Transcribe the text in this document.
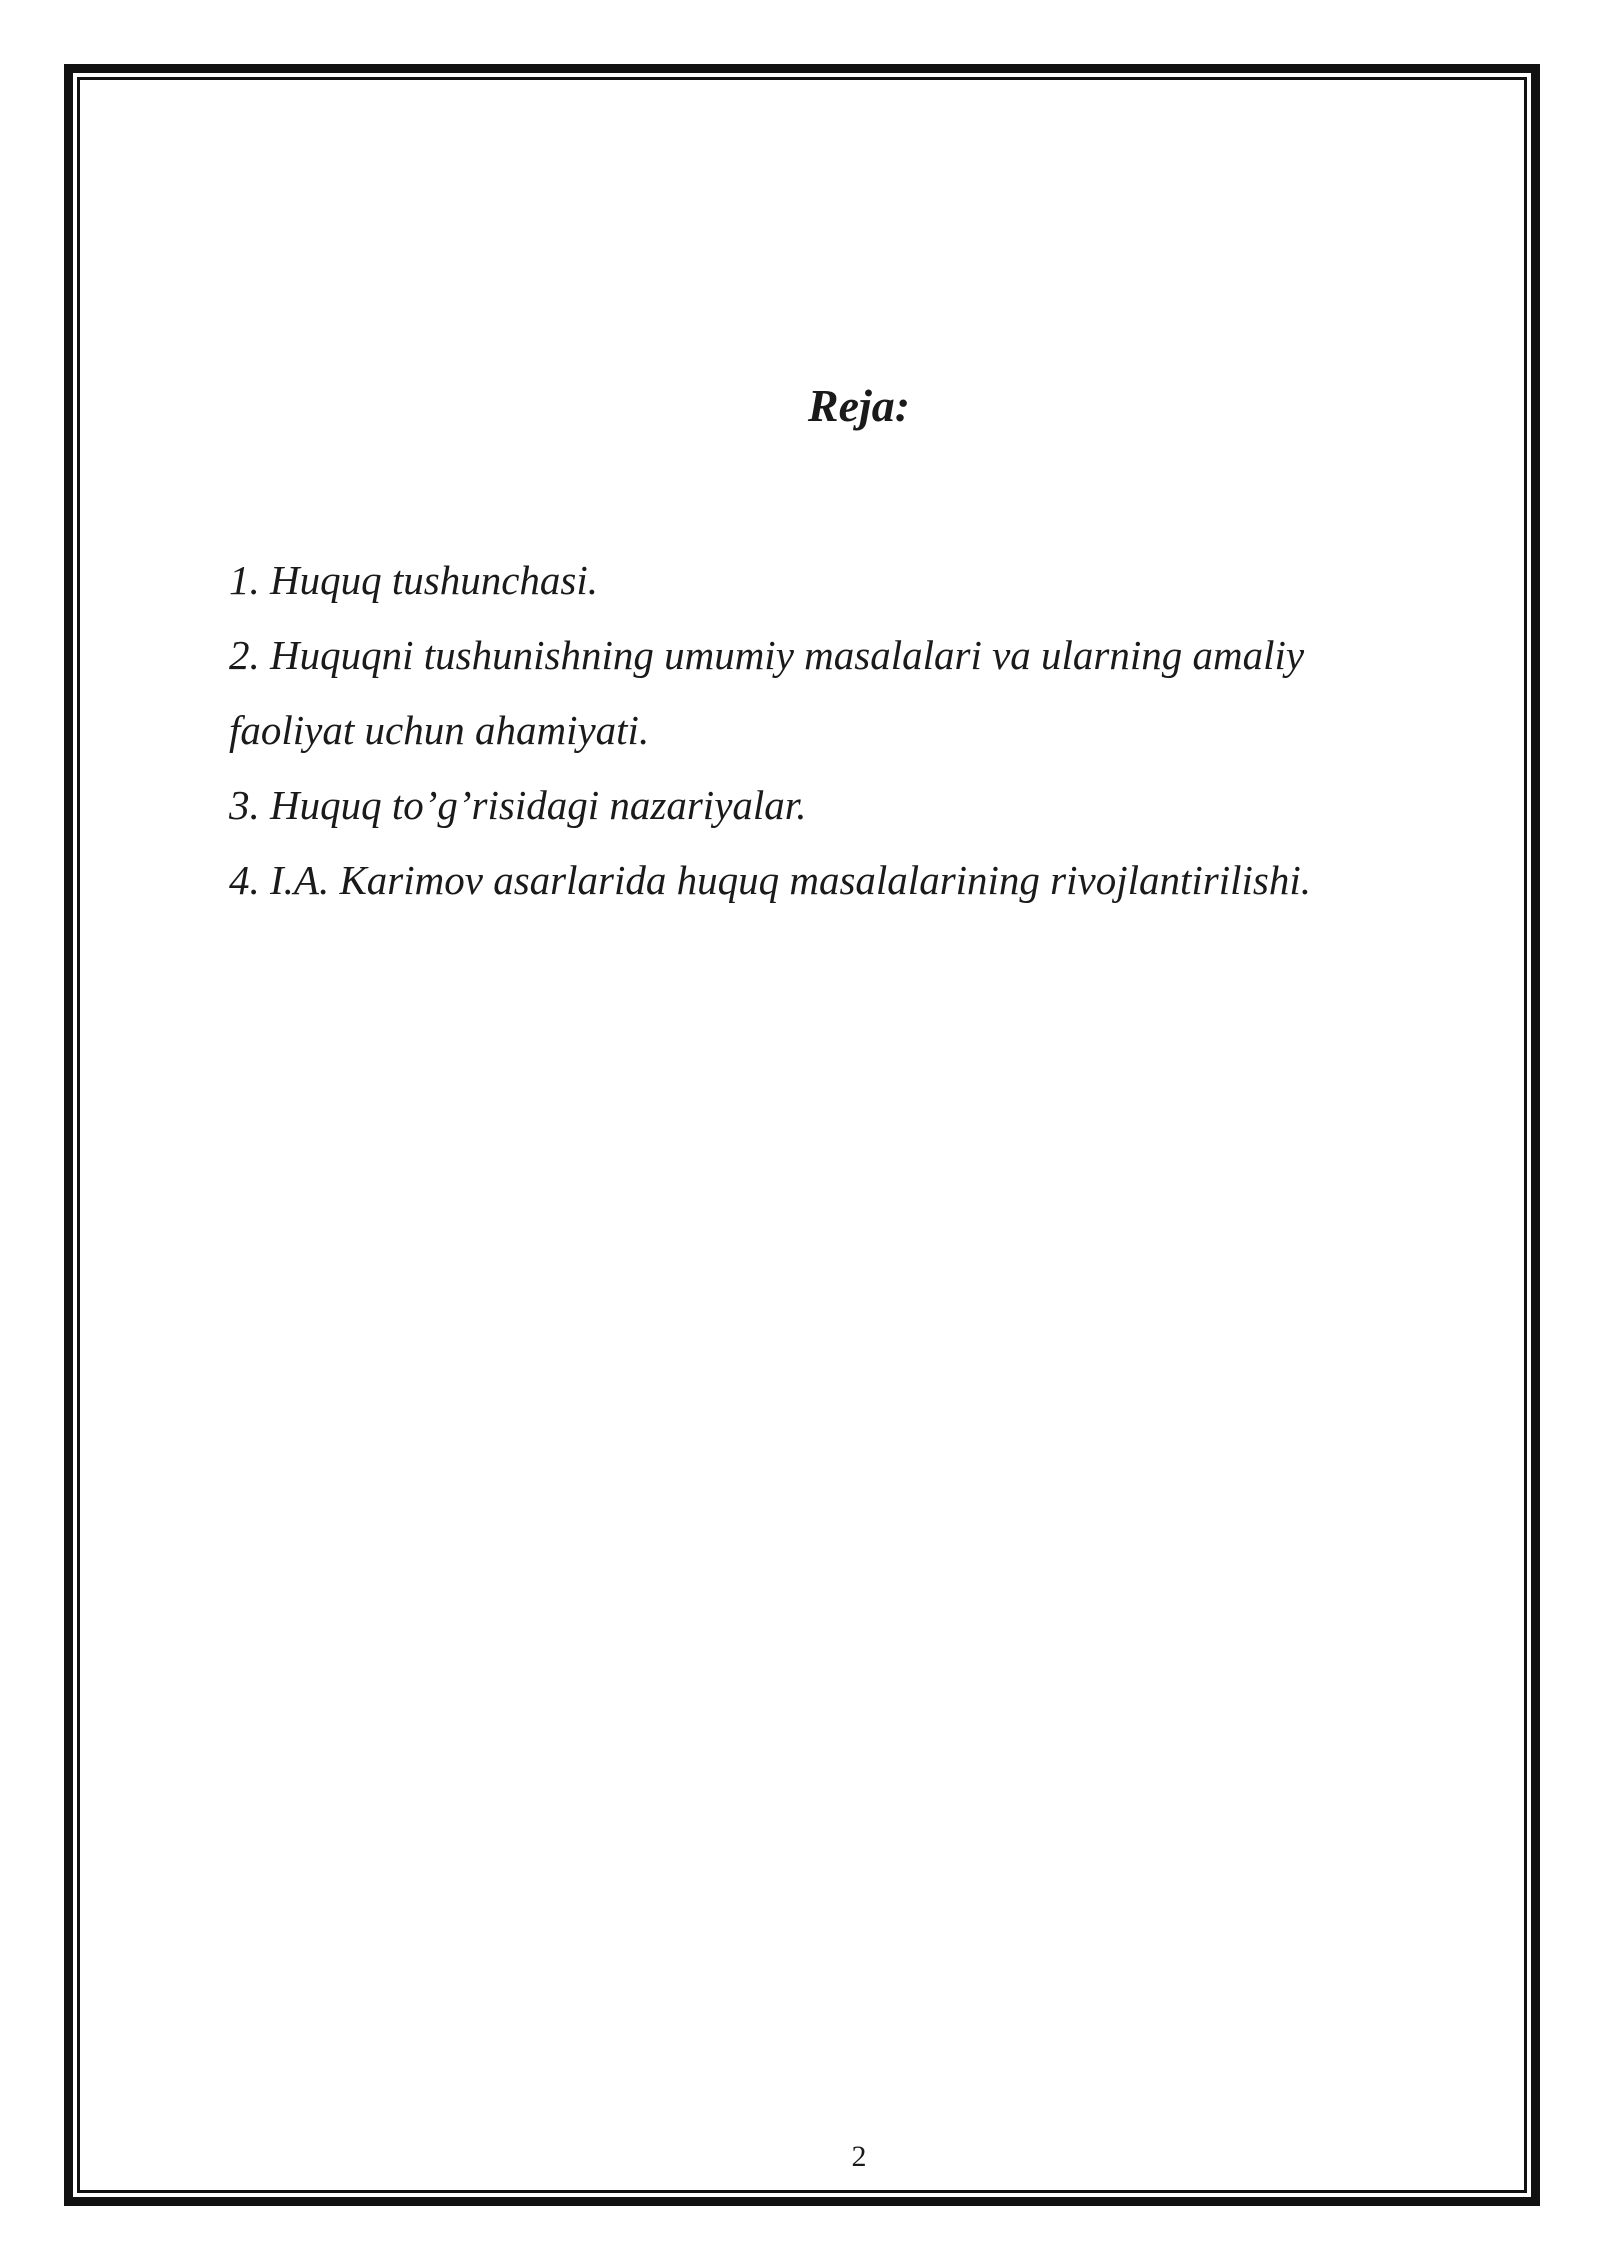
Reja:
1. Huquq tushunchasi.
2. Huquqni tushunishning umumiy masalalari va ularning amaliy faoliyat uchun ahamiyati.
3. Huquq to’g’risidagi nazariyalar.
4. I.A. Karimov asarlarida huquq masalalarining rivojlantirilishi.
2
